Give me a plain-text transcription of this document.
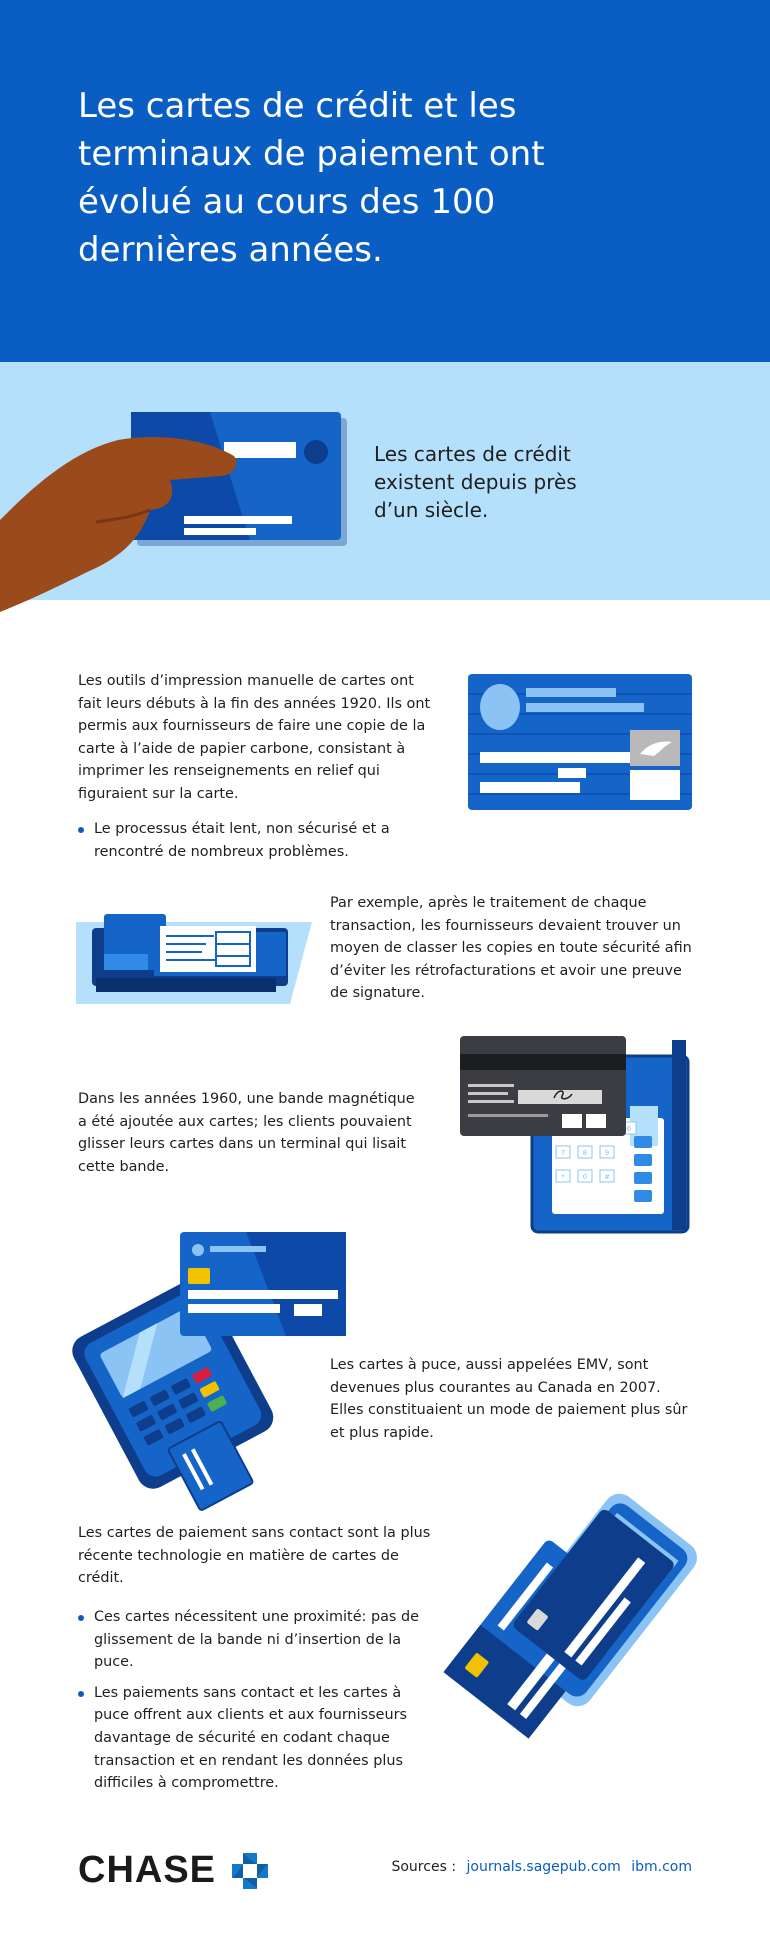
Les cartes de crédit et les terminaux de paiement ont évolué au cours des 100 dernières années.

Les cartes de crédit existent depuis près d’un siècle.

Les outils d’impression manuelle de cartes ont fait leurs débuts à la fin des années 1920. Ils ont permis aux fournisseurs de faire une copie de la carte à l’aide de papier carbone, consistant à imprimer les renseignements en relief qui figuraient sur la carte.

Le processus était lent, non sécurisé et a rencontré de nombreux problèmes.

Par exemple, après le traitement de chaque transaction, les fournisseurs devaient trouver un moyen de classer les copies en toute sécurité afin d’éviter les rétrofacturations et avoir une preuve de signature.

Dans les années 1960, une bande magnétique a été ajoutée aux cartes; les clients pouvaient glisser leurs cartes dans un terminal qui lisait cette bande.

6
7	8	9
*	0 #

Les cartes à puce, aussi appelées EMV, sont devenues plus courantes au Canada en 2007. Elles constituaient un mode de paiement plus sûr et plus rapide.

Les cartes de paiement sans contact sont la plus récente technologie en matière de cartes de crédit.

Ces cartes nécessitent une proximité: pas de glissement de la bande ni d’insertion de la puce.
Les paiements sans contact et les cartes à puce offrent aux clients et aux fournisseurs davantage de sécurité en codant chaque transaction et en rendant les données plus difficiles à compromettre.
CHASE	Sources : journals.sagepub.com ibm.com
